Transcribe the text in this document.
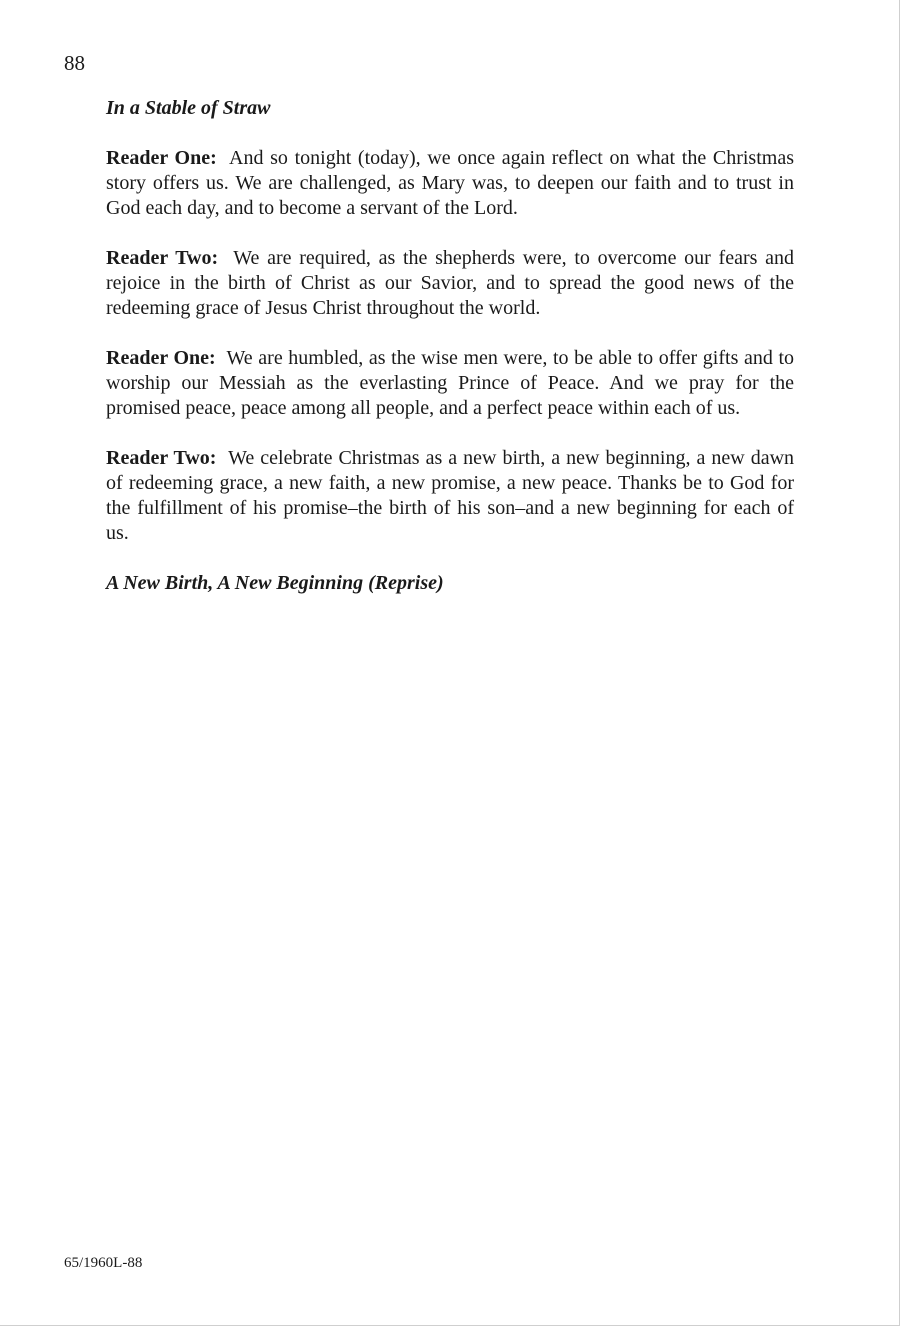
88
In a Stable of Straw

Reader One: And so tonight (today), we once again reflect on what the Christmas story offers us. We are challenged, as Mary was, to deepen our faith and to trust in God each day, and to become a servant of the Lord.

Reader Two: We are required, as the shepherds were, to overcome our fears and rejoice in the birth of Christ as our Savior, and to spread the good news of the redeeming grace of Jesus Christ throughout the world.

Reader One: We are humbled, as the wise men were, to be able to offer gifts and to worship our Messiah as the everlasting Prince of Peace. And we pray for the promised peace, peace among all people, and a perfect peace within each of us.

Reader Two: We celebrate Christmas as a new birth, a new beginning, a new dawn of redeeming grace, a new faith, a new promise, a new peace. Thanks be to God for the fulfillment of his promise–the birth of his son–and a new beginning for each of us.

A New Birth, A New Beginning (Reprise)
65/1960L-88
